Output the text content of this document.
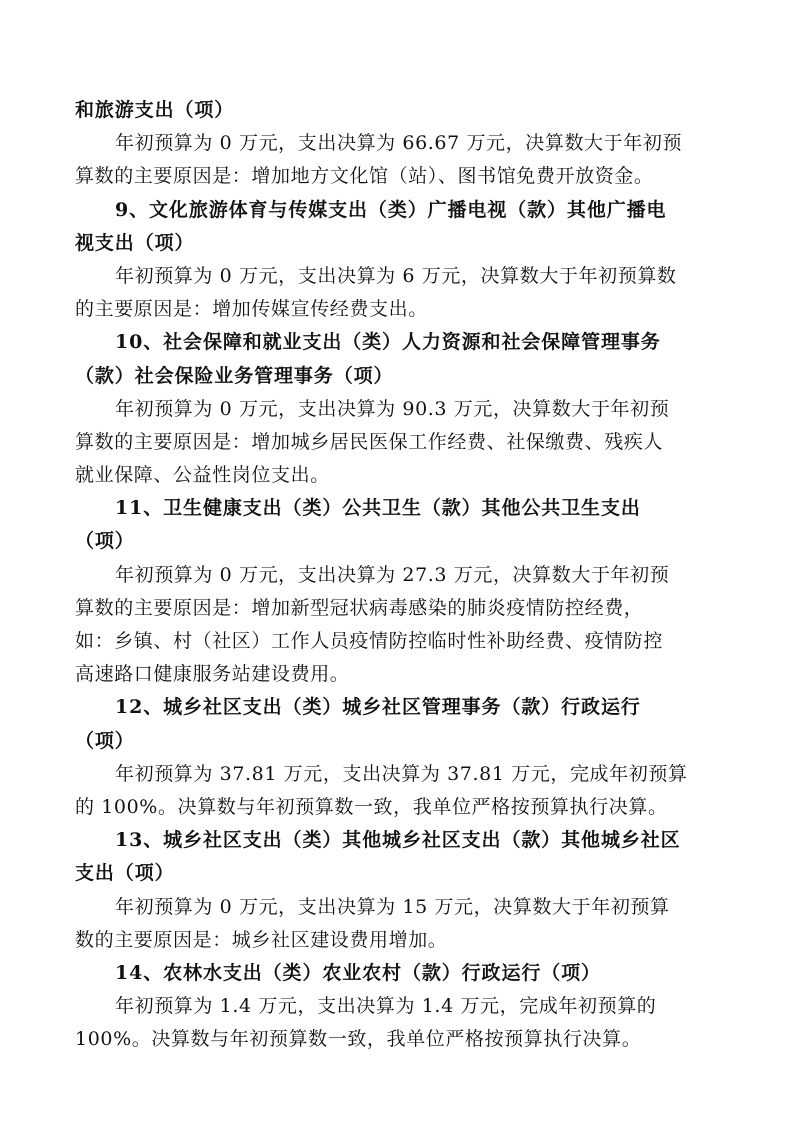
和旅游支出（项）
年初预算为 0 万元，支出决算为 66.67 万元，决算数大于年初预
算数的主要原因是：增加地方文化馆（站）、图书馆免费开放资金。
9、文化旅游体育与传媒支出（类）广播电视（款）其他广播电
视支出（项）
年初预算为 0 万元，支出决算为 6 万元，决算数大于年初预算数
的主要原因是：增加传媒宣传经费支出。
10、社会保障和就业支出（类）人力资源和社会保障管理事务
（款）社会保险业务管理事务（项）
年初预算为 0 万元，支出决算为 90.3 万元，决算数大于年初预
算数的主要原因是：增加城乡居民医保工作经费、社保缴费、残疾人
就业保障、公益性岗位支出。
11、卫生健康支出（类）公共卫生（款）其他公共卫生支出
（项）
年初预算为 0 万元，支出决算为 27.3 万元，决算数大于年初预
算数的主要原因是：增加新型冠状病毒感染的肺炎疫情防控经费，
如：乡镇、村（社区）工作人员疫情防控临时性补助经费、疫情防控
高速路口健康服务站建设费用。
12、城乡社区支出（类）城乡社区管理事务（款）行政运行
（项）
年初预算为 37.81 万元，支出决算为 37.81 万元，完成年初预算
的 100%。决算数与年初预算数一致，我单位严格按预算执行决算。
13、城乡社区支出（类）其他城乡社区支出（款）其他城乡社区
支出（项）
年初预算为 0 万元，支出决算为 15 万元，决算数大于年初预算
数的主要原因是：城乡社区建设费用增加。
14、农林水支出（类）农业农村（款）行政运行（项）
年初预算为 1.4 万元，支出决算为 1.4 万元，完成年初预算的
100%。决算数与年初预算数一致，我单位严格按预算执行决算。
